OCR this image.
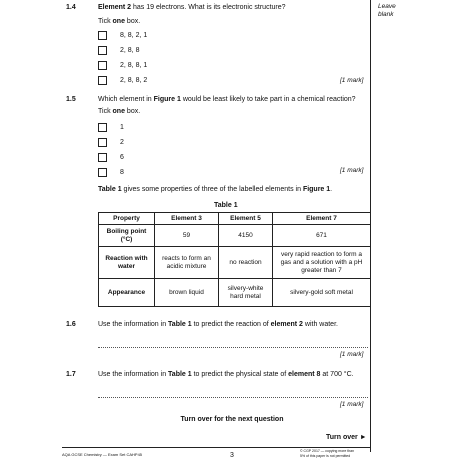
Leave
blank
1.4	Element 2 has 19 electrons. What is its electronic structure?
Tick one box.
8, 8, 2, 1
2, 8, 8
2, 8, 8, 1
2, 8, 8, 2	[1 mark]
1.5	Which element in Figure 1 would be least likely to take part in a chemical reaction?
Tick one box.
1
2
6
8	[1 mark]
Table 1 gives some properties of three of the labelled elements in Figure 1.
Table 1
Property	Element 3	Element 5	Element 7
Boiling point (°C)	59	4150	671
Reaction with water	reacts to form an acidic mixture	no reaction	very rapid reaction to form a gas and a solution with a pH greater than 7
Appearance	brown liquid	silvery-white hard metal	silvery-gold soft metal
1.6	Use the information in Table 1 to predict the reaction of element 2 with water.
[1 mark]
1.7	Use the information in Table 1 to predict the physical state of element 8 at 700 °C.
[1 mark]
Turn over for the next question
Turn over ►
AQA GCSE Chemistry — Exam Set CAHP45	3
© CGP 2017 — copying more than
5% of this paper is not permitted
